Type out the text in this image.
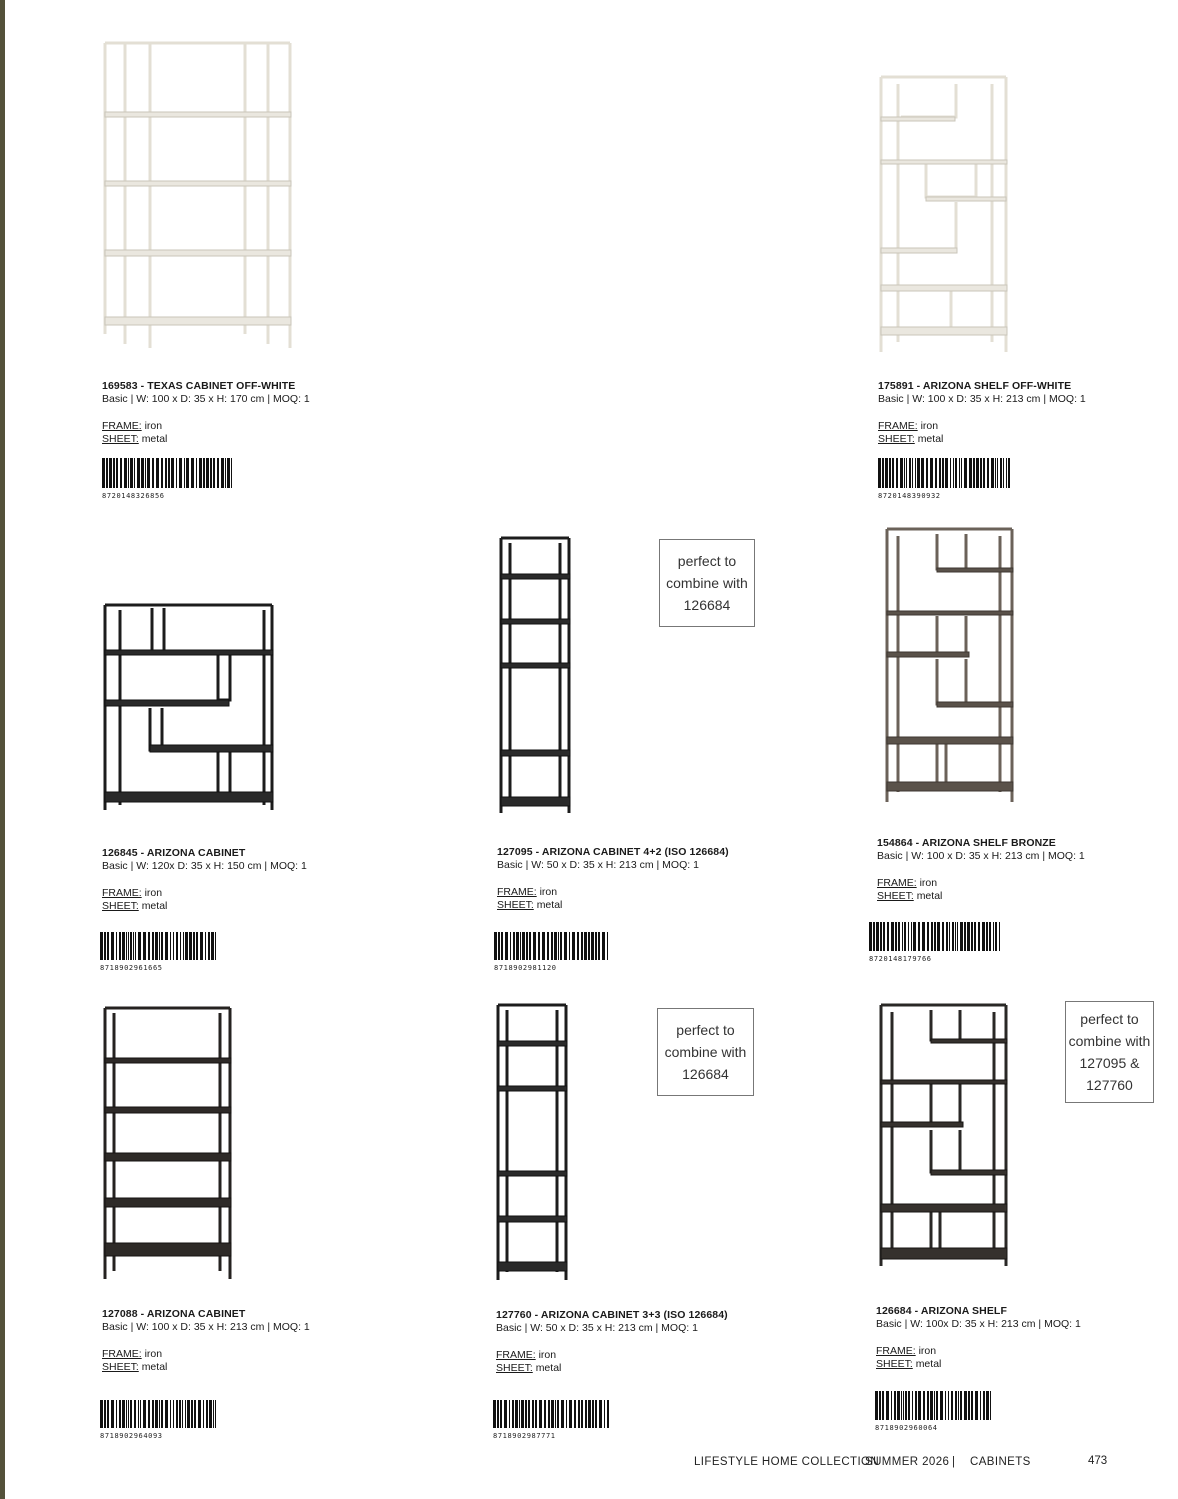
169583 - TEXAS CABINET OFF-WHITE
Basic | W: 100 x D: 35 x H: 170 cm | MOQ: 1
FRAME: iron
SHEET: metal
8720148326856
175891 - ARIZONA SHELF OFF-WHITE
Basic | W: 100 x D: 35 x H: 213 cm | MOQ: 1
FRAME: iron
SHEET: metal
8720148390932
126845 - ARIZONA CABINET
Basic | W: 120x D: 35 x H: 150 cm | MOQ: 1
FRAME: iron
SHEET: metal
8718902961665
127095 - ARIZONA CABINET 4+2 (ISO 126684)
Basic | W: 50 x D: 35 x H: 213 cm | MOQ: 1
FRAME: iron
SHEET: metal
8718902981120
154864 - ARIZONA SHELF BRONZE
Basic | W: 100 x D: 35 x H: 213 cm | MOQ: 1
FRAME: iron
SHEET: metal
8720148179766
127088 - ARIZONA CABINET
Basic | W: 100 x D: 35 x H: 213 cm | MOQ: 1
FRAME: iron
SHEET: metal
8718902964093
127760 - ARIZONA CABINET 3+3 (ISO 126684)
Basic | W: 50 x D: 35 x H: 213 cm | MOQ: 1
FRAME: iron
SHEET: metal
8718902987771
126684 - ARIZONA SHELF
Basic | W: 100x D: 35 x H: 213 cm | MOQ: 1
FRAME: iron
SHEET: metal
8718902960064
perfect to
combine with
126684
perfect to
combine with
126684
perfect to
combine with
127095 &
127760
LIFESTYLE HOME COLLECTION
SUMMER 2026 | CABINETS	473
